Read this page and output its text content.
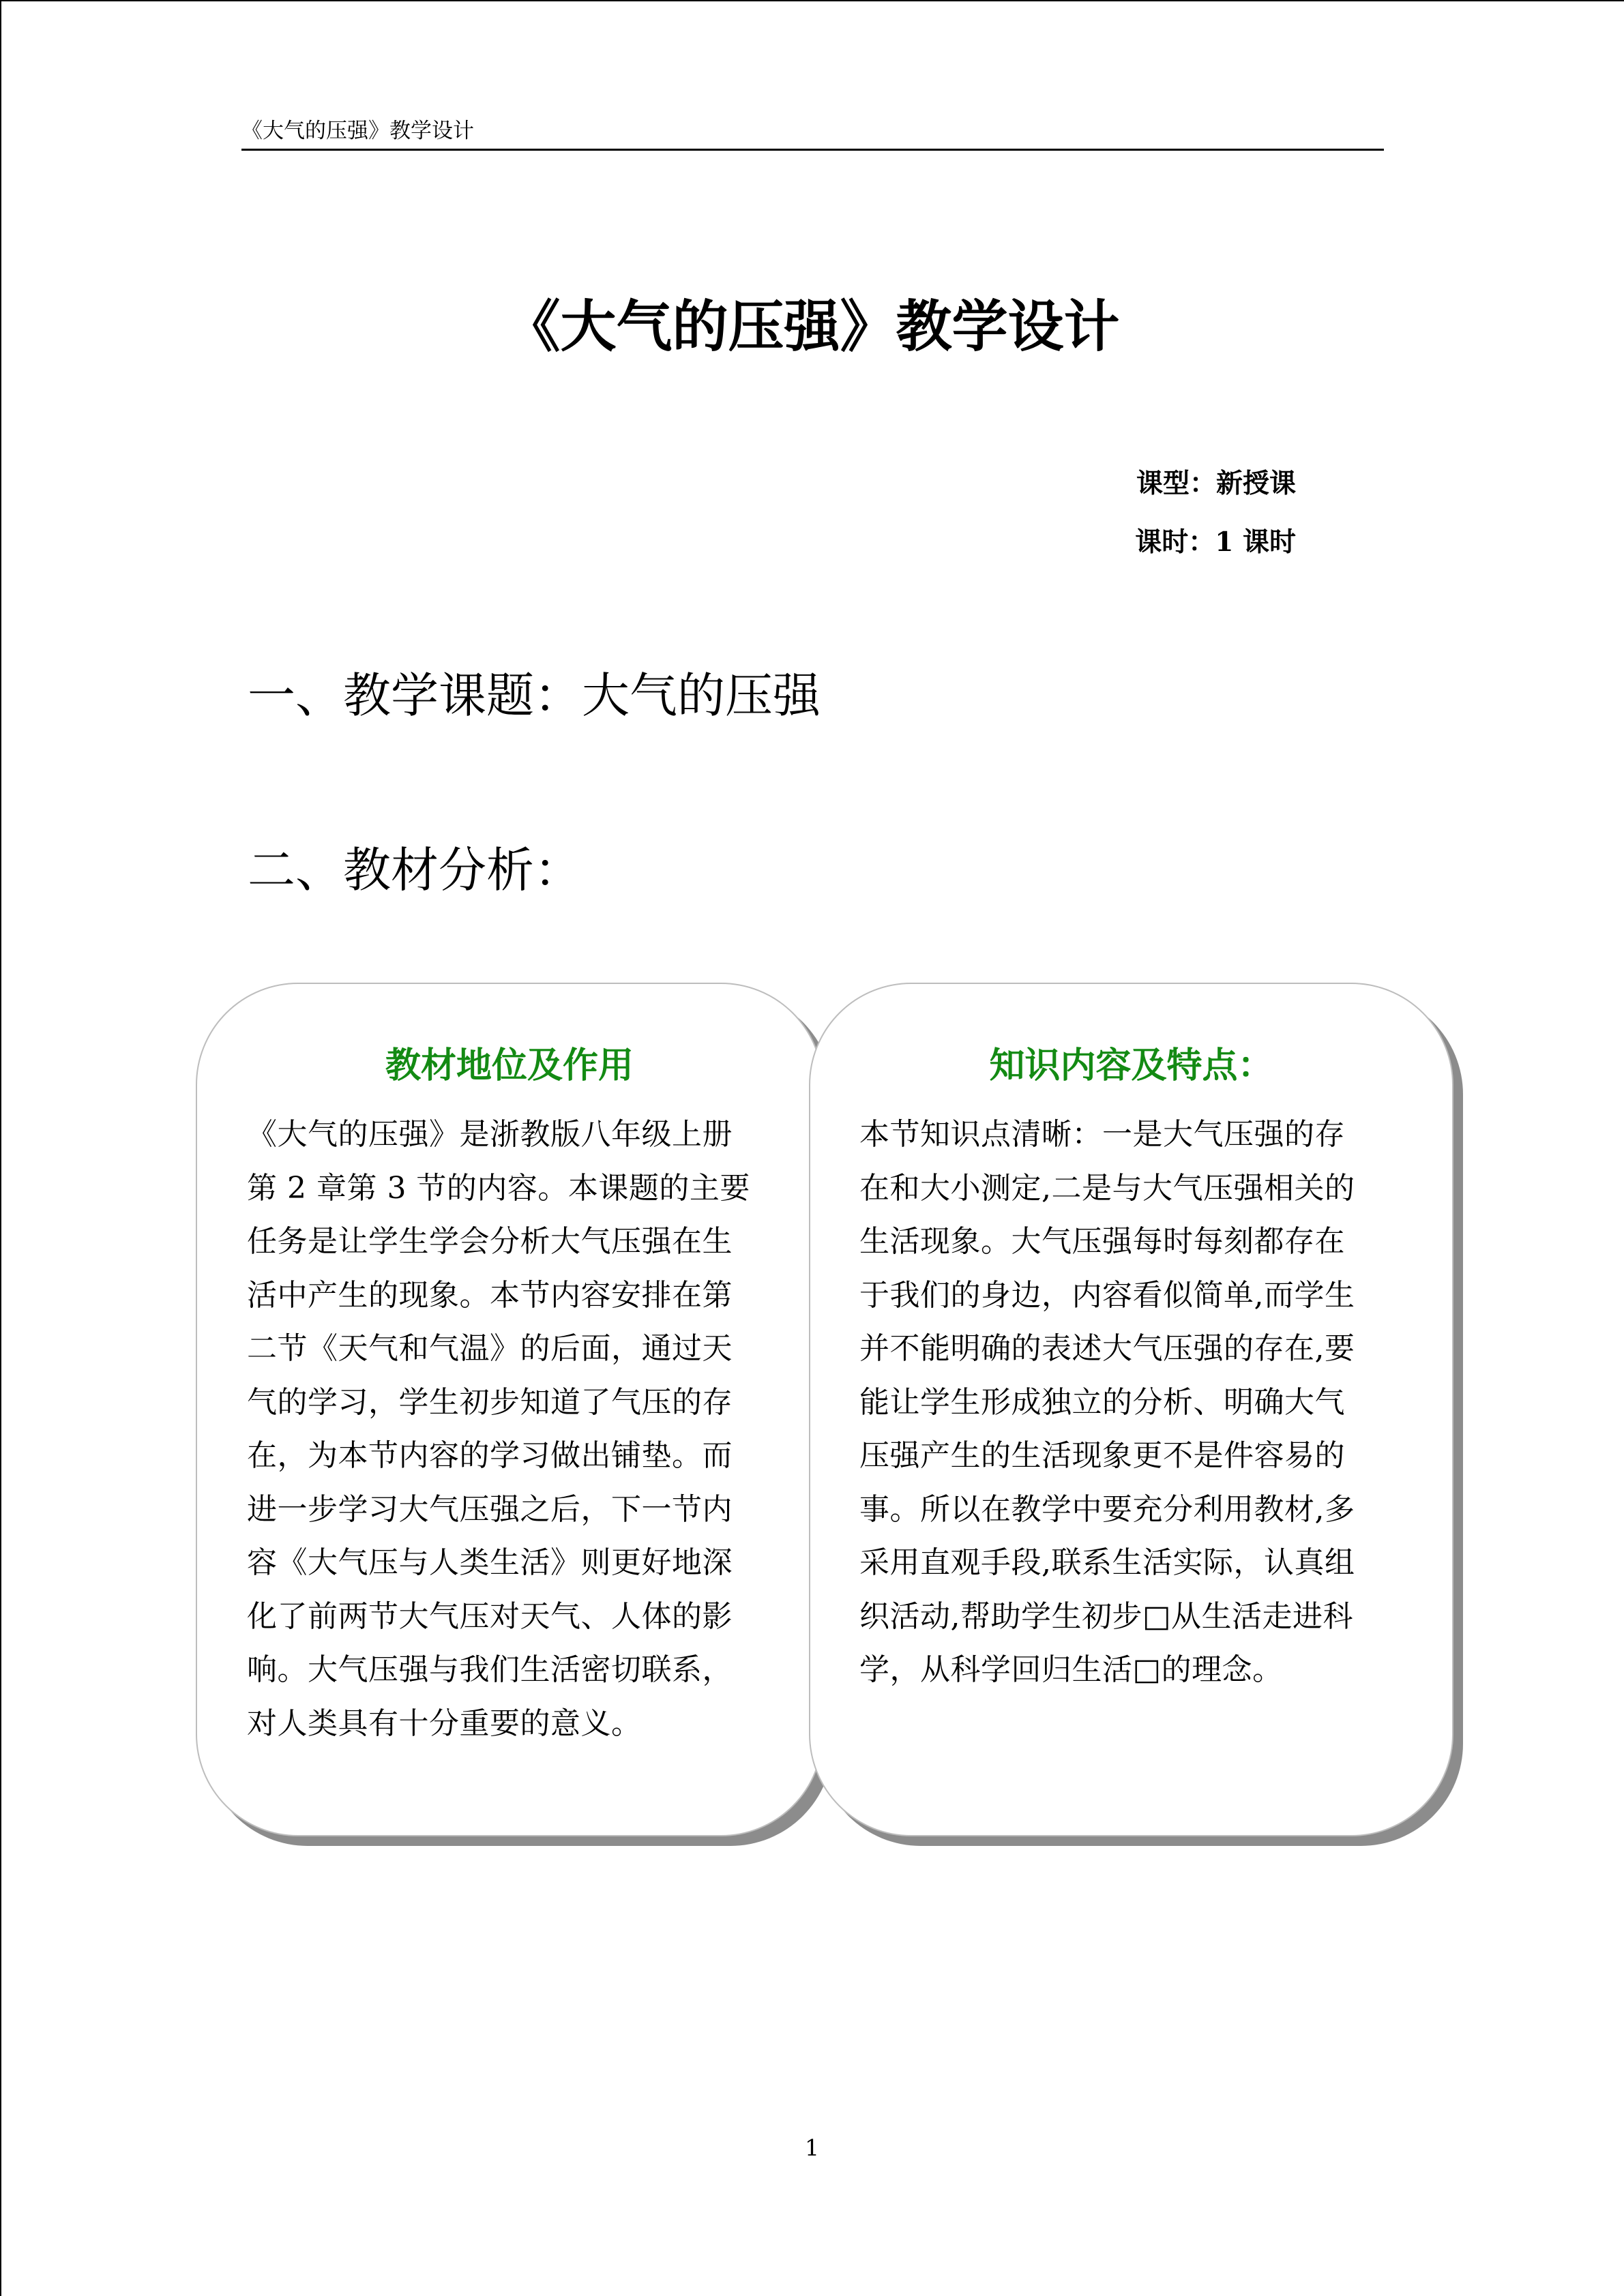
《大气的压强》教学设计
《大气的压强》教学设计
课型：新授课
课时：1 课时
一、教学课题：大气的压强
二、教材分析：
教材地位及作用
《大气的压强》是浙教版八年级上册
第 2 章第 3 节的内容。本课题的主要
任务是让学生学会分析大气压强在生
活中产生的现象。本节内容安排在第
二节《天气和气温》的后面，通过天
气的学习，学生初步知道了气压的存
在，为本节内容的学习做出铺垫。而
进一步学习大气压强之后，下一节内
容《大气压与人类生活》则更好地深
化了前两节大气压对天气、人体的影
响。大气压强与我们生活密切联系，
对人类具有十分重要的意义。
知识内容及特点：
本节知识点清晰：一是大气压强的存
在和大小测定,二是与大气压强相关的
生活现象。大气压强每时每刻都存在
于我们的身边，内容看似简单,而学生
并不能明确的表述大气压强的存在,要
能让学生形成独立的分析、明确大气
压强产生的生活现象更不是件容易的
事。所以在教学中要充分利用教材,多
采用直观手段,联系生活实际，认真组
织活动,帮助学生初步□从生活走进科
学，从科学回归生活□的理念。
1
